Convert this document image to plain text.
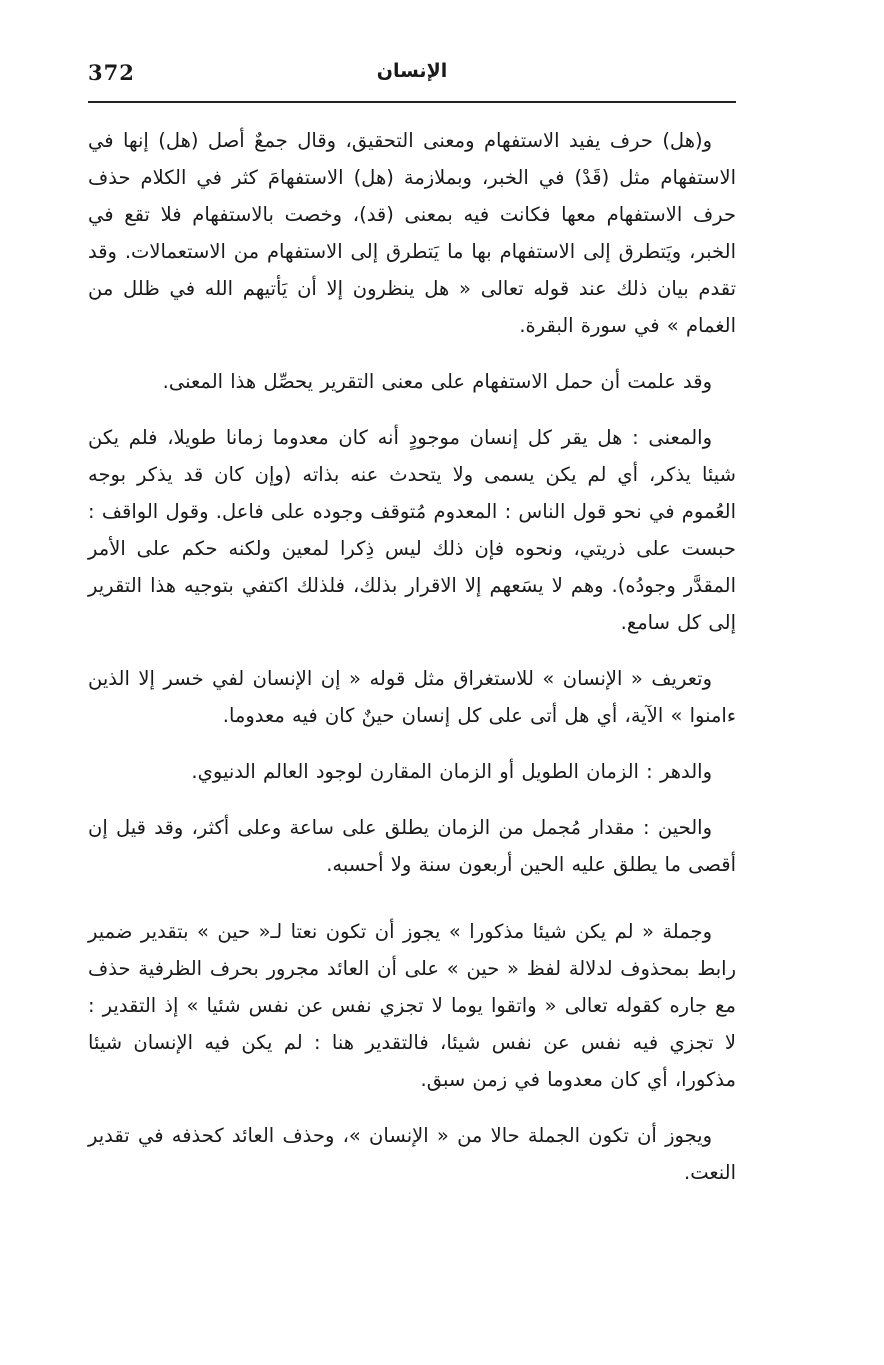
372	الإنسان

و(هل) حرف يفيد الاستفهام ومعنى التحقيق، وقال جمعٌ أصل (هل) إنها في الاستفهام مثل (قَدْ) في الخبر، وبملازمة (هل) الاستفهامَ كثر في الكلام حذف حرف الاستفهام معها فكانت فيه بمعنى (قد)، وخصت بالاستفهام فلا تقع في الخبر، ويَتطرق إلى الاستفهام بها ما يَتطرق إلى الاستفهام من الاستعمالات. وقد تقدم بيان ذلك عند قوله تعالى « هل ينظرون إلا أن يَأتيهم الله في ظلل من الغمام » في سورة البقرة.

وقد علمت أن حمل الاستفهام على معنى التقرير يحصِّل هذا المعنى.

والمعنى : هل يقر كل إنسان موجودٍ أنه كان معدوما زمانا طويلا، فلم يكن شيئا يذكر، أي لم يكن يسمى ولا يتحدث عنه بذاته (وإن كان قد يذكر بوجه العُموم في نحو قول الناس : المعدوم مُتوقف وجوده على فاعل. وقول الواقف : حبست على ذريتي، ونحوه فإن ذلك ليس ذِكرا لمعين ولكنه حكم على الأمر المقدَّر وجودُه). وهم لا يسَعهم إلا الاقرار بذلك، فلذلك اكتفي بتوجيه هذا التقرير إلى كل سامع.

وتعريف « الإنسان » للاستغراق مثل قوله « إن الإنسان لفي خسر إلا الذين ءامنوا » الآية، أي هل أتى على كل إنسان حينٌ كان فيه معدوما.

والدهر : الزمان الطويل أو الزمان المقارن لوجود العالم الدنيوي.

والحين : مقدار مُجمل من الزمان يطلق على ساعة وعلى أكثر، وقد قيل إن أقصى ما يطلق عليه الحين أربعون سنة ولا أحسبه.

وجملة « لم يكن شيئا مذكورا » يجوز أن تكون نعتا لـ« حين » بتقدير ضمير رابط بمحذوف لدلالة لفظ « حين » على أن العائد مجرور بحرف الظرفية حذف مع جاره كقوله تعالى « واتقوا يوما لا تجزي نفس عن نفس شئيا » إذ التقدير : لا تجزي فيه نفس عن نفس شيئا، فالتقدير هنا : لم يكن فيه الإنسان شيئا مذكورا، أي كان معدوما في زمن سبق.

ويجوز أن تكون الجملة حالا من « الإنسان »، وحذف العائد كحذفه في تقدير النعت.
